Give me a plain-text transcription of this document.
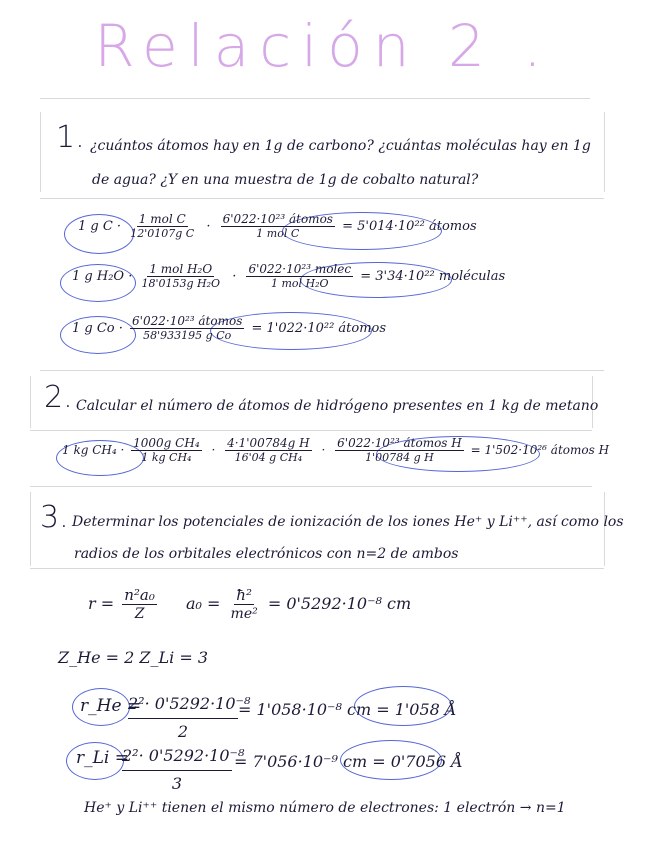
Relación 2 .
1. ¿cuántos átomos hay en 1g de carbono? ¿cuántas moléculas hay en 1g
de agua? ¿Y en una muestra de 1g de cobalto natural?
1 g $C \cdot \frac{\text{1 mol C}}{\text{12'0107g C}} \cdot \frac{\text{6'022·10²³ átomos}}{\text{1 mol C}} = 5'014\cdot 10^{22}$ átomos
1 g $H_2O \cdot \frac{\text{1 mol H₂O}}{\text{18'0153g H₂O}} \cdot \frac{\text{6'022·10²³ molec}}{\text{1 mol H₂O}} = 3'34\cdot 10^{22}$ moléculas
1 g $Co \cdot \frac{\text{6'022·10²³ átomos}}{\text{58'933195 g Co}} = 1'022\cdot 10^{22}$ átomos
2. Calcular el número de átomos de hidrógeno presentes en 1 kg de metano
1 kg $CH_4 \cdot \frac{\text{1000g CH₄}}{\text{1 kg CH₄}} \cdot \frac{\text{4·1'00784g H}}{\text{16'04 g CH₄}} \cdot \frac{\text{6'022·10²³ átomos H}}{\text{1'00784 g H}} = 1'502\cdot 10^{26}$ átomos H
3. Determinar los potenciales de ionización de los iones He⁺ y Li⁺⁺, así como los
radios de los orbitales electrónicos con n=2 de ambos
$r = \frac{\text{n²a₀}}{Z} a_0 = \frac{\text{ħ²}}{\text{me²}} = 0'5292\cdot 10^{-8}$ cm
Z_He = 2 Z_Li = 3
r_He =
2²· 0'5292·10⁻⁸
2
= 1'058·10⁻⁸ cm = 1'058 Å
r_Li =
2²· 0'5292·10⁻⁸
3
= 7'056·10⁻⁹ cm = 0'7056 Å
He⁺ y Li⁺⁺ tienen el mismo número de electrones: 1 electrón → n=1
